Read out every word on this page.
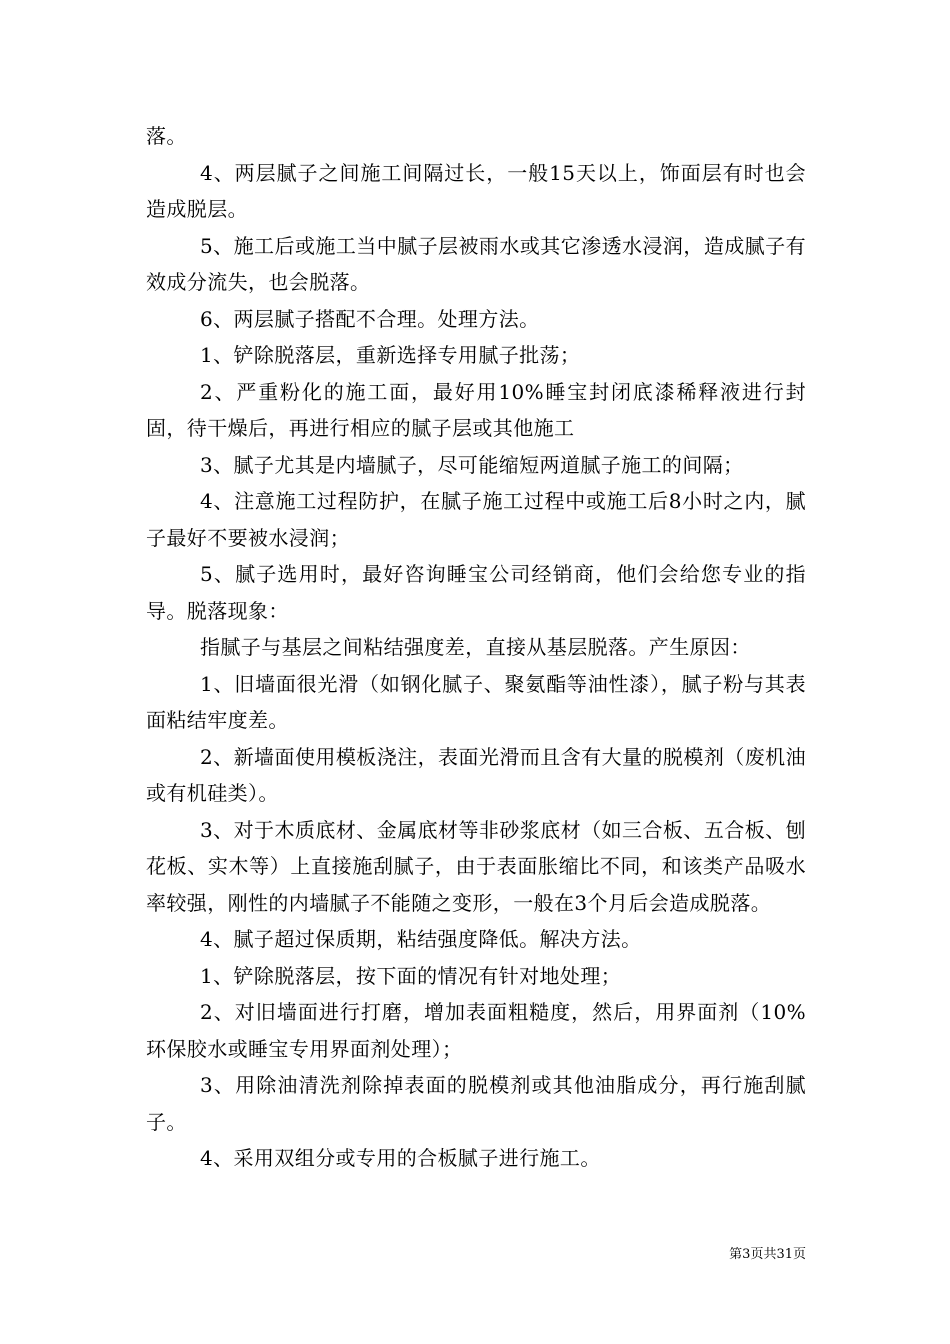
落。

4、两层腻子之间施工间隔过长，一般15天以上，饰面层有时也会造成脱层。

5、施工后或施工当中腻子层被雨水或其它渗透水浸润，造成腻子有效成分流失，也会脱落。

6、两层腻子搭配不合理。处理方法。

1、铲除脱落层，重新选择专用腻子批荡；

2、严重粉化的施工面，最好用10%睡宝封闭底漆稀释液进行封固，待干燥后，再进行相应的腻子层或其他施工

3、腻子尤其是内墙腻子，尽可能缩短两道腻子施工的间隔；

4、注意施工过程防护，在腻子施工过程中或施工后8小时之内，腻子最好不要被水浸润；

5、腻子选用时，最好咨询睡宝公司经销商，他们会给您专业的指导。脱落现象：

指腻子与基层之间粘结强度差，直接从基层脱落。产生原因：

1、旧墙面很光滑（如钢化腻子、聚氨酯等油性漆），腻子粉与其表面粘结牢度差。

2、新墙面使用模板浇注，表面光滑而且含有大量的脱模剂（废机油或有机硅类）。

3、对于木质底材、金属底材等非砂浆底材（如三合板、五合板、刨花板、实木等）上直接施刮腻子，由于表面胀缩比不同，和该类产品吸水率较强，刚性的内墙腻子不能随之变形，一般在3个月后会造成脱落。

4、腻子超过保质期，粘结强度降低。解决方法。

1、铲除脱落层，按下面的情况有针对地处理；

2、对旧墙面进行打磨，增加表面粗糙度，然后，用界面剂（10%环保胶水或睡宝专用界面剂处理）；

3、用除油清洗剂除掉表面的脱模剂或其他油脂成分，再行施刮腻子。

4、采用双组分或专用的合板腻子进行施工。

第3页共31页
